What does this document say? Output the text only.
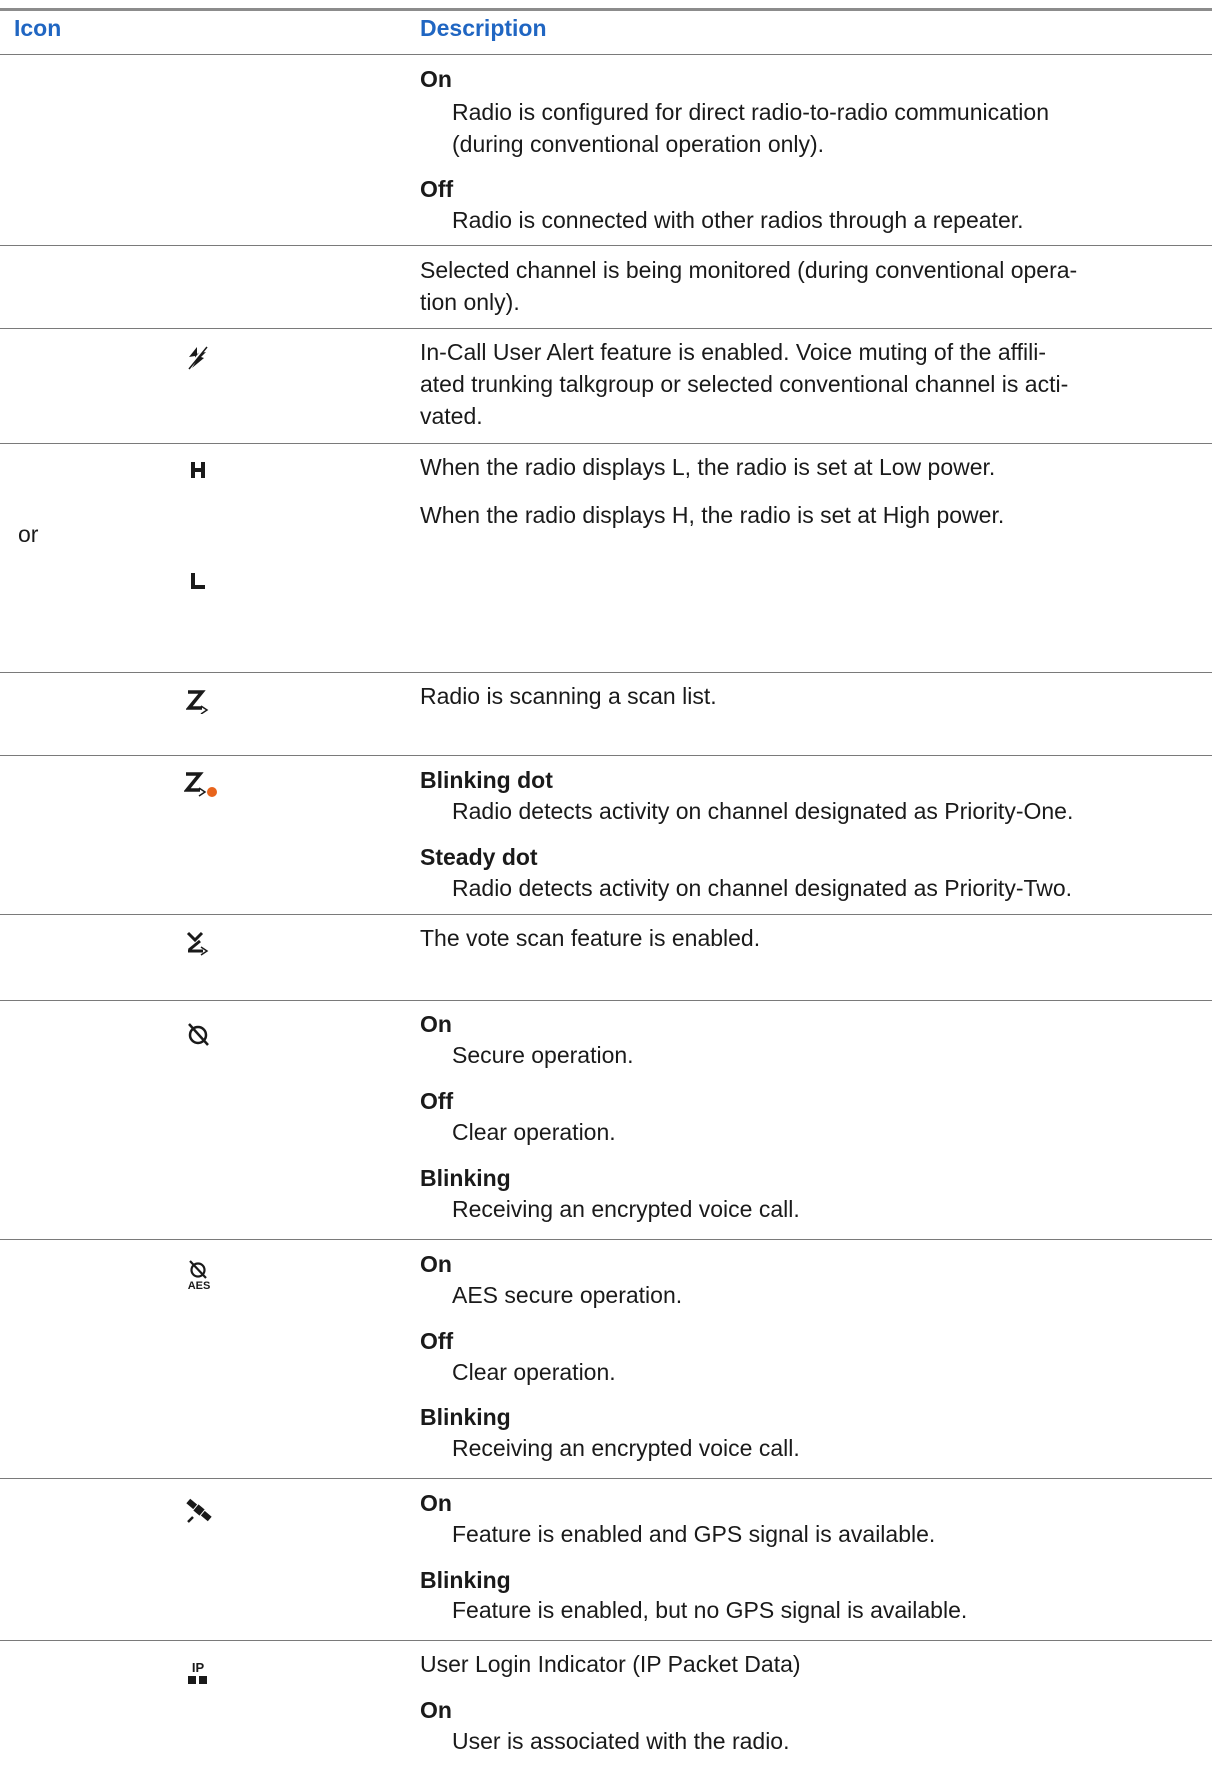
Icon	Description
On
Radio is configured for direct radio-to-radio communication
(during conventional operation only).
Off
Radio is connected with other radios through a repeater.
Selected channel is being monitored (during conventional opera-
tion only).
In-Call User Alert feature is enabled. Voice muting of the affili-
ated trunking talkgroup or selected conventional channel is acti-
vated.
or
When the radio displays L, the radio is set at Low power.
When the radio displays H, the radio is set at High power.
Radio is scanning a scan list.
Blinking dot
Radio detects activity on channel designated as Priority-One.
Steady dot
Radio detects activity on channel designated as Priority-Two.
The vote scan feature is enabled.
On
Secure operation.
Off
Clear operation.
Blinking
Receiving an encrypted voice call.
AES
On
AES secure operation.
Off
Clear operation.
Blinking
Receiving an encrypted voice call.
On
Feature is enabled and GPS signal is available.
Blinking
Feature is enabled, but no GPS signal is available.
IP	User Login Indicator (IP Packet Data)
On
User is associated with the radio.
